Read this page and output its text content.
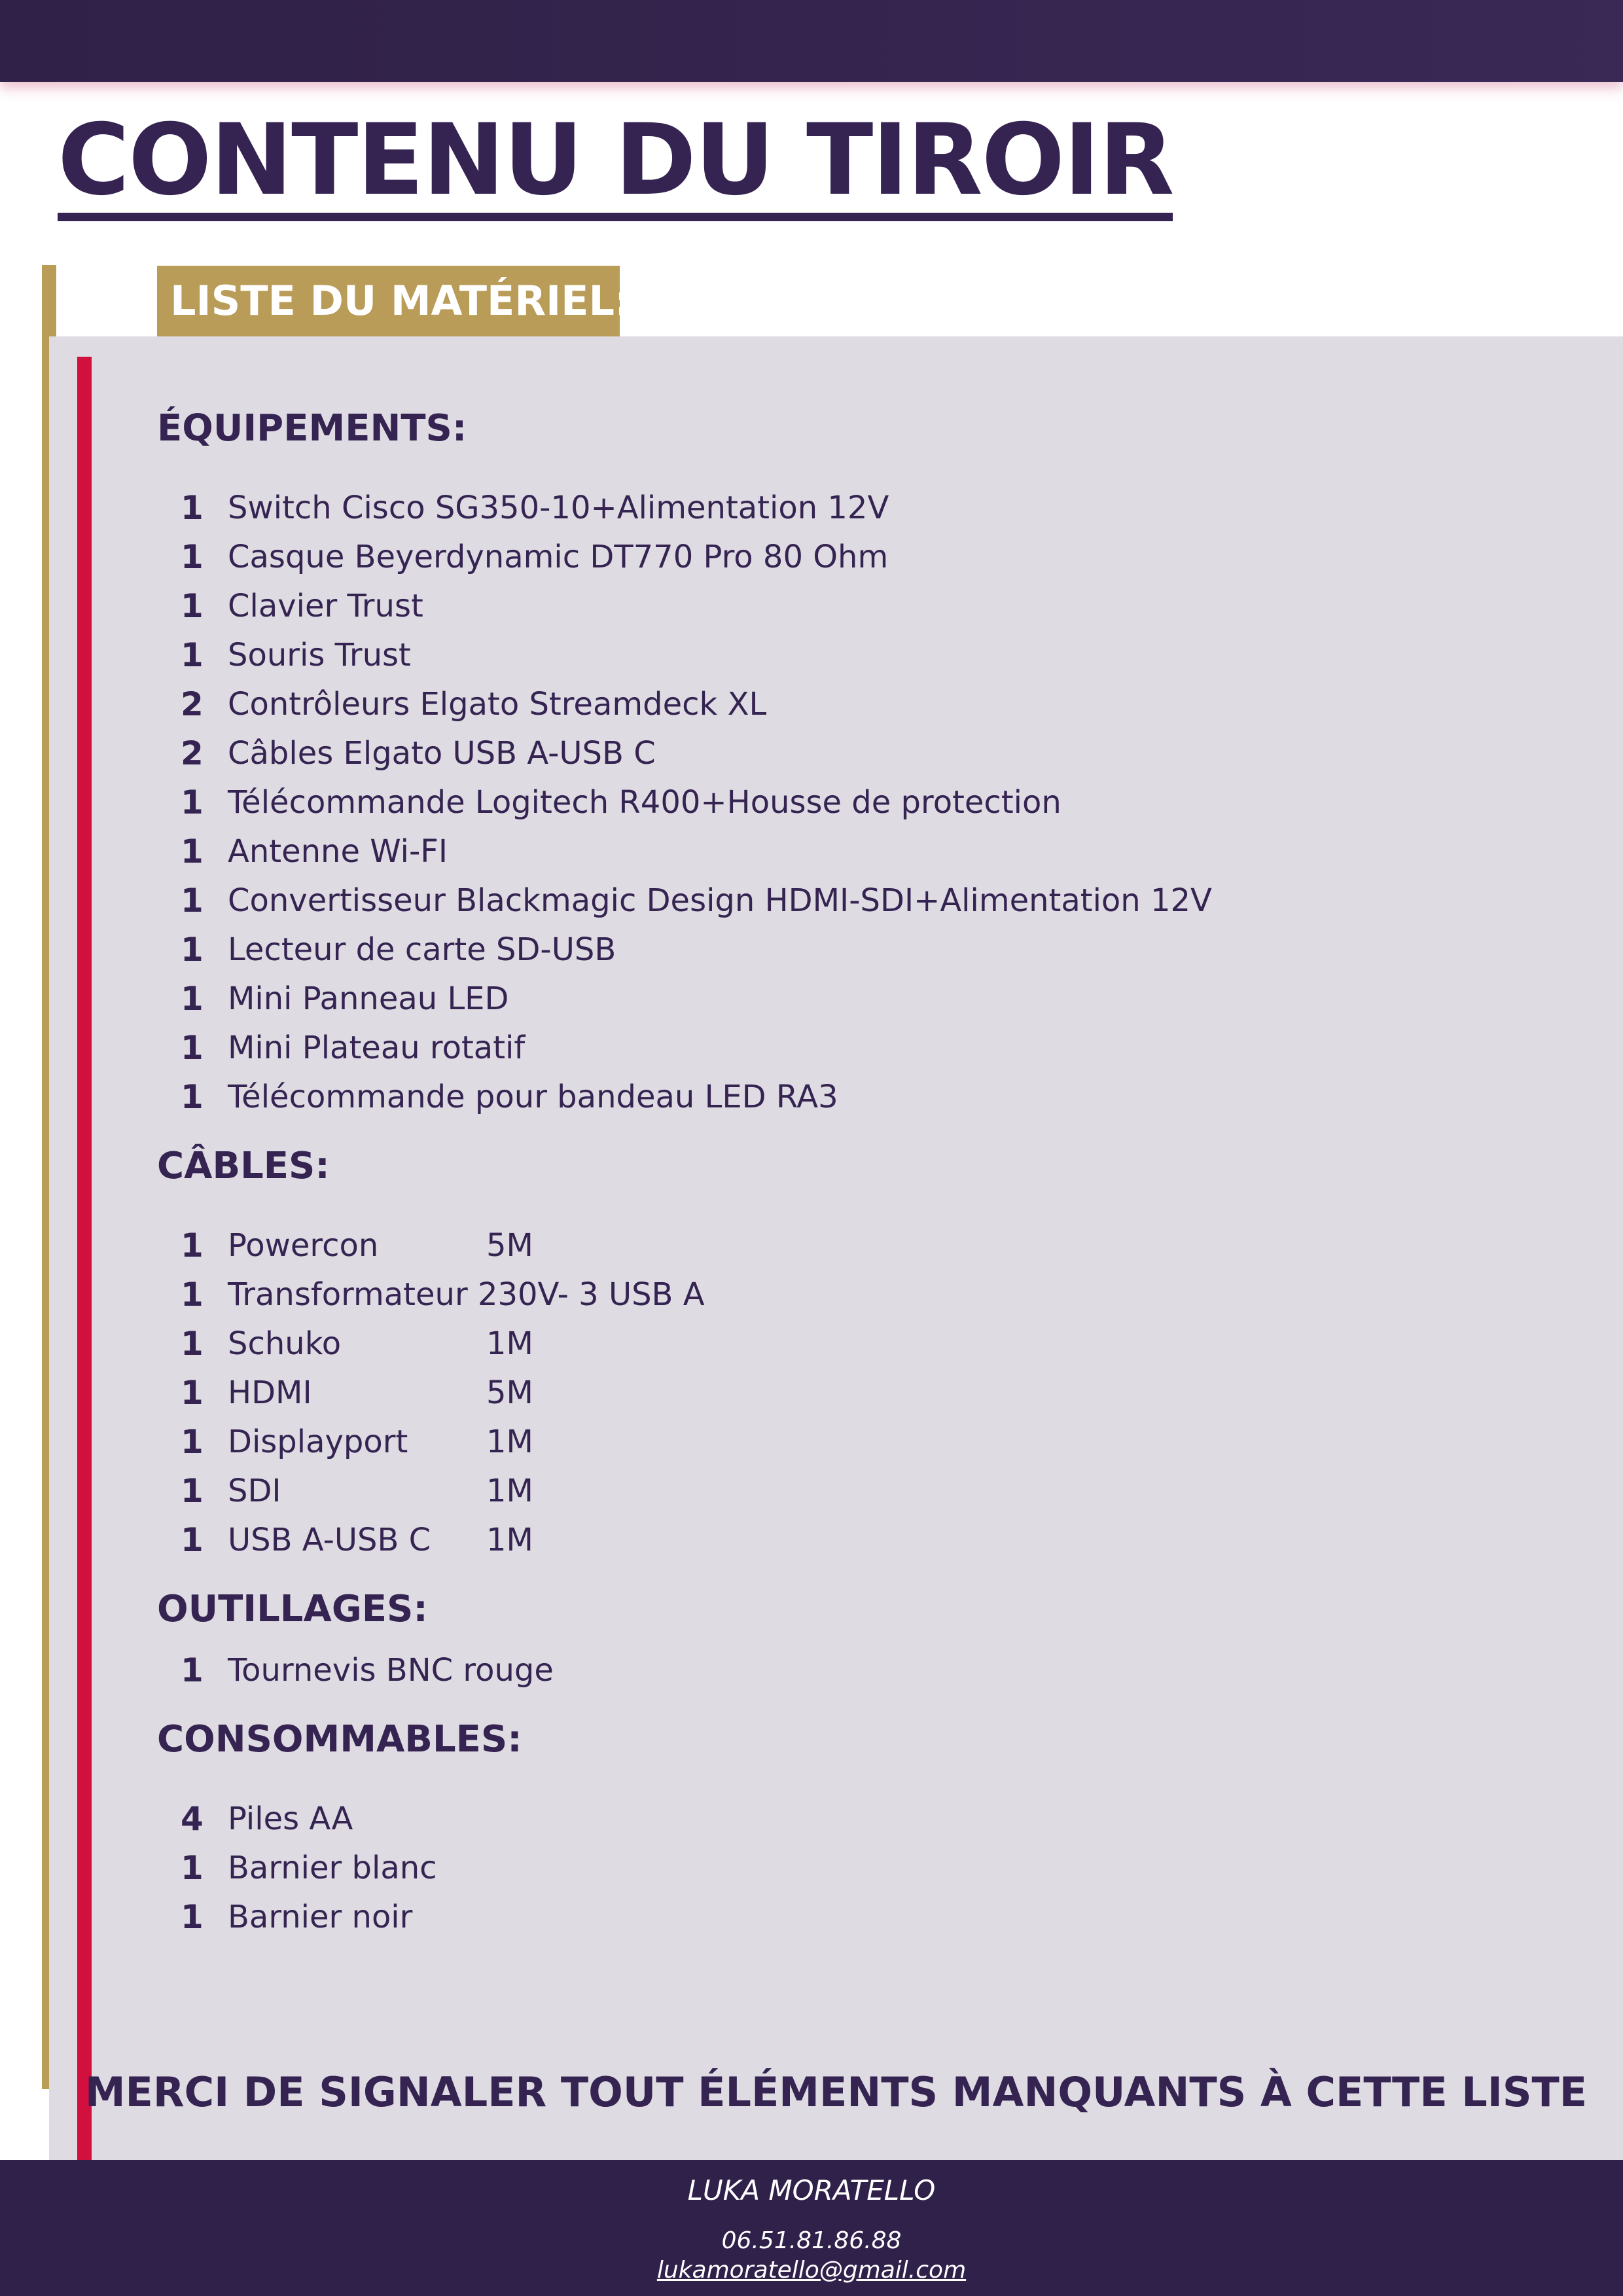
CONTENU DU TIROIR
LISTE DU MATÉRIEL:
ÉQUIPEMENTS:
1 Switch Cisco SG350-10+Alimentation 12V
1 Casque Beyerdynamic DT770 Pro 80 Ohm
1 Clavier Trust
1 Souris Trust
2 Contrôleurs Elgato Streamdeck XL
2 Câbles Elgato USB A-USB C
1 Télécommande Logitech R400+Housse de protection
1 Antenne Wi-FI
1 Convertisseur Blackmagic Design HDMI-SDI+Alimentation 12V
1 Lecteur de carte SD-USB
1 Mini Panneau LED
1 Mini Plateau rotatif
1 Télécommande pour bandeau LED RA3
CÂBLES:
1 Powercon	5M
1 Transformateur 230V- 3 USB A
1 Schuko	1M
1 HDMI	5M
1 Displayport	1M
1 SDI	1M
1 USB A-USB C	1M
OUTILLAGES:
1 Tournevis BNC rouge
CONSOMMABLES:
4 Piles AA
1 Barnier blanc
1 Barnier noir
MERCI DE SIGNALER TOUT ÉLÉMENTS MANQUANTS À CETTE LISTE
LUKA MORATELLO
06.51.81.86.88
lukamoratello@gmail.com
